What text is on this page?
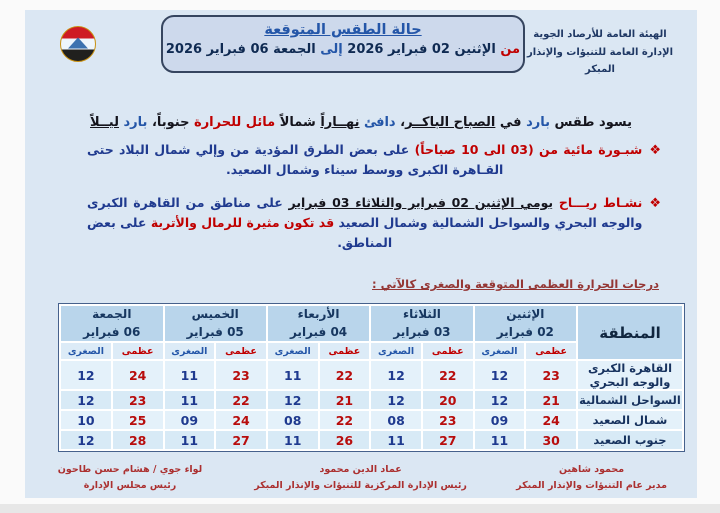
الهيئة العامة للأرصاد الجوية
الإدارة العامة للتنبؤات والإنذار المبكر
حالة الطقس المتوقعة
من الإثنين 02 فبراير 2026 إلى الجمعة 06 فبراير 2026

يسود طقس بارد في الصباح الباكــر، دافئ نهــاراً شمالاً مائل للحرارة جنوباً، بارد ليــلاً

❖
شبـورة مائية من (03 الى 10 صباحاً) على بعض الطرق المؤدية من وإلي شمال البلاد حتى القـاهرة الكبرى ووسط سيناء وشمال الصعيد.
❖
نشـاط ريـــاح يومي الإثنين 02 فبراير والثلاثاء 03 فبراير على مناطق من القاهرة الكبرى والوجه البحري والسواحل الشمالية وشمال الصعيد قد تكون مثيرة للرمال والأتربة على بعض المناطق.
درجات الحرارة العظمى المتوقعة والصغرى كالآتي :
المنطقة	
الإثنين
02 فبراير

الثلاثاء
03 فبراير

الأربعاء
04 فبراير

الخميس
05 فبراير

الجمعة
06 فبراير

	عظمى	الصغرى	عظمى	الصغرى	عظمى	الصغرى	عظمى	الصغرى	عظمى	الصغرى
القاهرة الكبرى والوجه البحري	23	12	22	12	22	11	23	11	24	12
السواحل الشمالية	21	12	20	12	21	12	22	11	23	12
شمال الصعيد	24	09	23	08	22	08	24	09	25	10
جنوب الصعيد	30	11	27	11	26	11	27	11	28	12
محمود شاهين
مدير عام التنبؤات والإنذار المبكر
عماد الدين محمود
رئيس الإدارة المركزية للتنبؤات والإنذار المبكر
لواء جوي / هشام حسن طاحون
رئيس مجلس الإدارة
